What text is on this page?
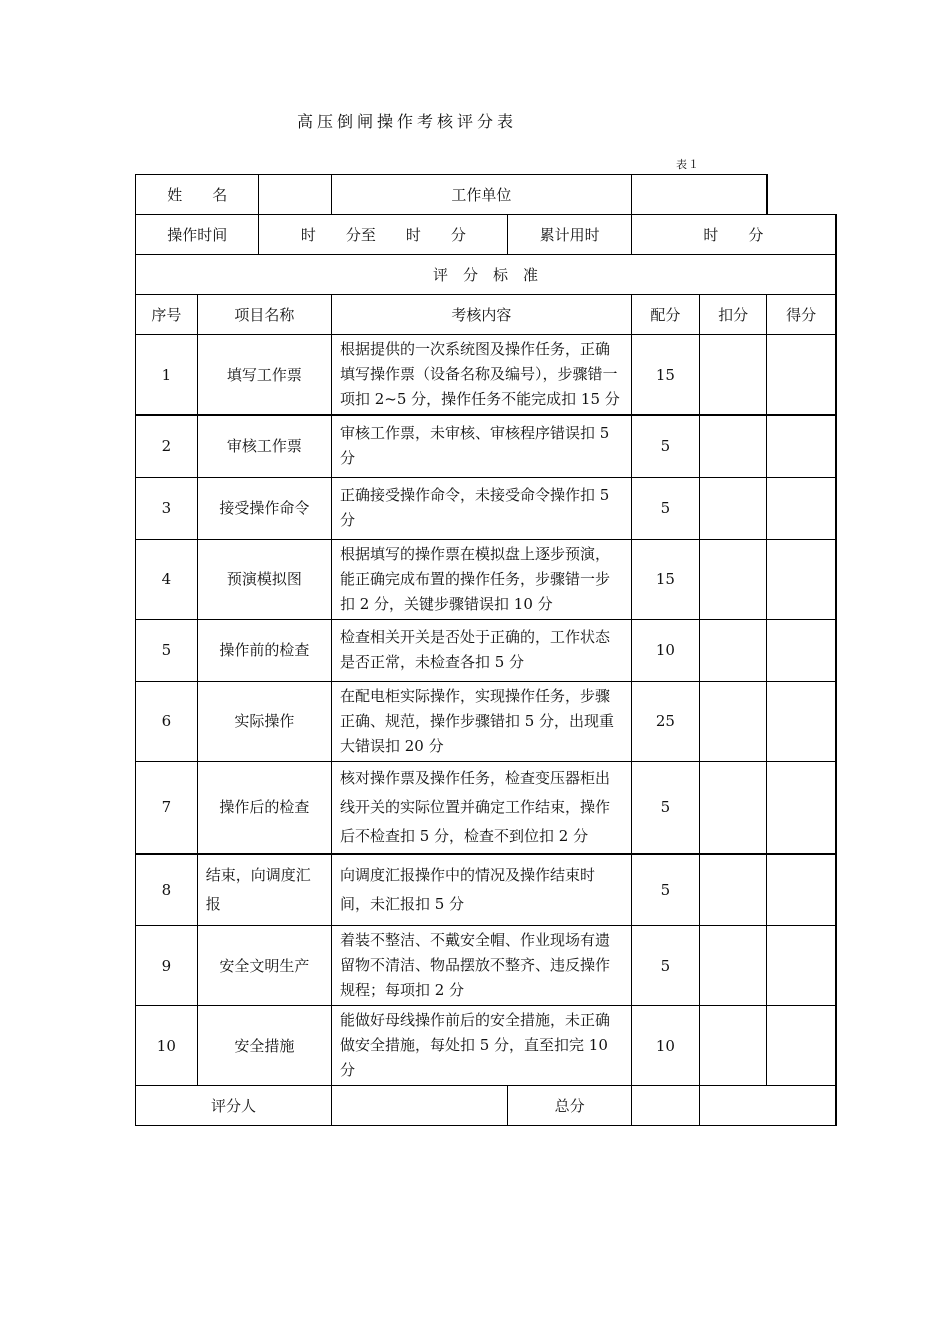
高压倒闸操作考核评分表
表１
姓　　名			工作单位				
操作时间		时　　分至　　时　　分		累计用时	时　　分		
评　分　标　准							
序号	项目名称		考核内容		配分	扣分	得分
1	填写工作票		根据提供的一次系统图及操作任务，正确填写操作票（设备名称及编号），步骤错一项扣 2~5 分，操作任务不能完成扣 15 分		15		
2	审核工作票		审核工作票，未审核、审核程序错误扣 5 分		5		
3	接受操作命令		正确接受操作命令，未接受命令操作扣 5 分		5		
4	预演模拟图		根据填写的操作票在模拟盘上逐步预演，能正确完成布置的操作任务，步骤错一步扣 2 分，关键步骤错误扣 10 分		15		
5	操作前的检查		检查相关开关是否处于正确的，工作状态是否正常，未检查各扣 5 分		10		
6	实际操作		在配电柜实际操作，实现操作任务，步骤正确、规范，操作步骤错扣 5 分，出现重大错误扣 20 分		25		
7	操作后的检查		核对操作票及操作任务，检查变压器柜出线开关的实际位置并确定工作结束，操作后不检查扣 5 分，检查不到位扣 2 分		5		
8	结束，向调度汇报		向调度汇报操作中的情况及操作结束时间，未汇报扣 5 分		5		
9	安全文明生产		着装不整洁、不戴安全帽、作业现场有遗留物不清洁、物品摆放不整齐、违反操作规程；每项扣 2 分		5		
10	安全措施		能做好母线操作前后的安全措施，未正确做安全措施，每处扣 5 分，直至扣完 10 分		10		
评分人				总分			
